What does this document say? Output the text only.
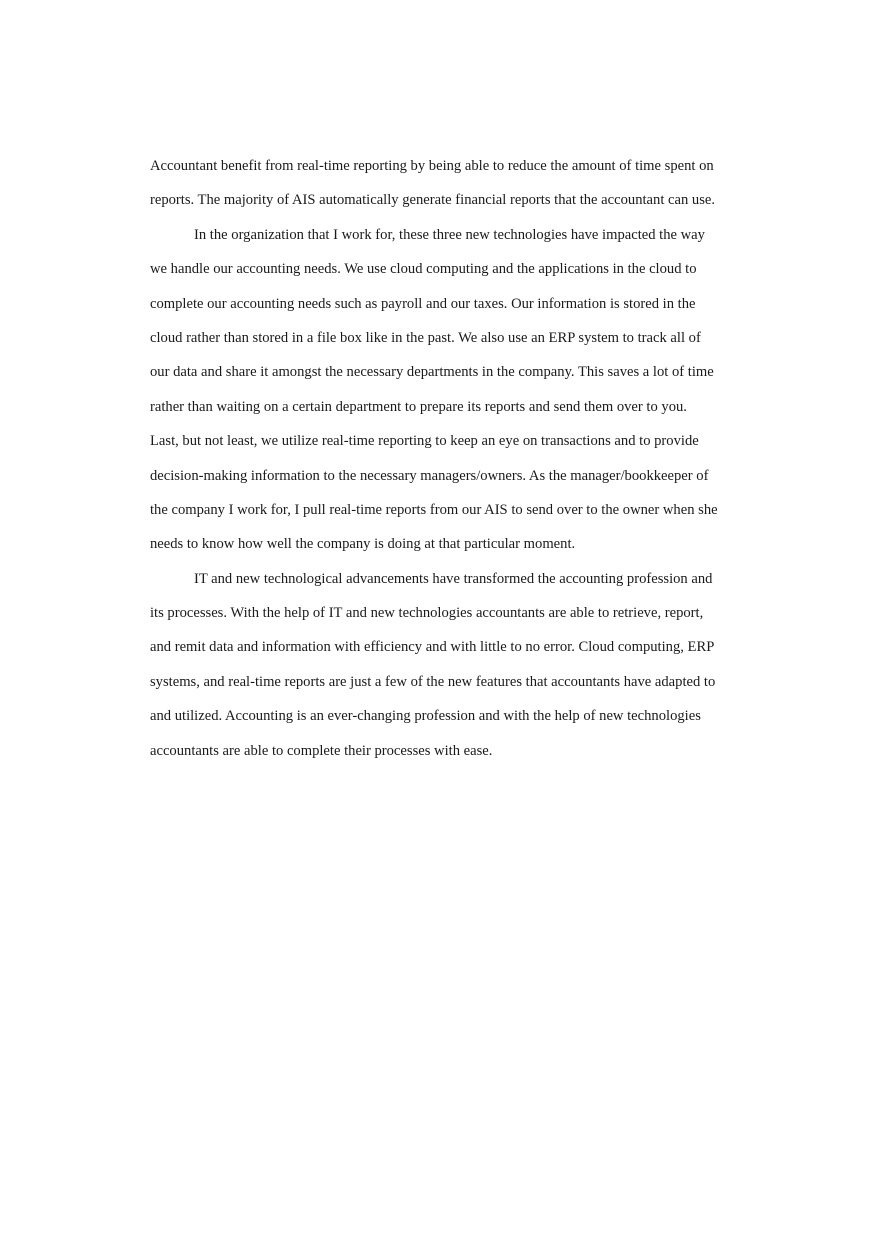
Accountant benefit from real-time reporting by being able to reduce the amount of time spent on
reports. The majority of AIS automatically generate financial reports that the accountant can use.
In the organization that I work for, these three new technologies have impacted the way
we handle our accounting needs. We use cloud computing and the applications in the cloud to
complete our accounting needs such as payroll and our taxes. Our information is stored in the
cloud rather than stored in a file box like in the past. We also use an ERP system to track all of
our data and share it amongst the necessary departments in the company. This saves a lot of time
rather than waiting on a certain department to prepare its reports and send them over to you.
Last, but not least, we utilize real-time reporting to keep an eye on transactions and to provide
decision-making information to the necessary managers/owners. As the manager/bookkeeper of
the company I work for, I pull real-time reports from our AIS to send over to the owner when she
needs to know how well the company is doing at that particular moment.
IT and new technological advancements have transformed the accounting profession and
its processes. With the help of IT and new technologies accountants are able to retrieve, report,
and remit data and information with efficiency and with little to no error. Cloud computing, ERP
systems, and real-time reports are just a few of the new features that accountants have adapted to
and utilized. Accounting is an ever-changing profession and with the help of new technologies
accountants are able to complete their processes with ease.
